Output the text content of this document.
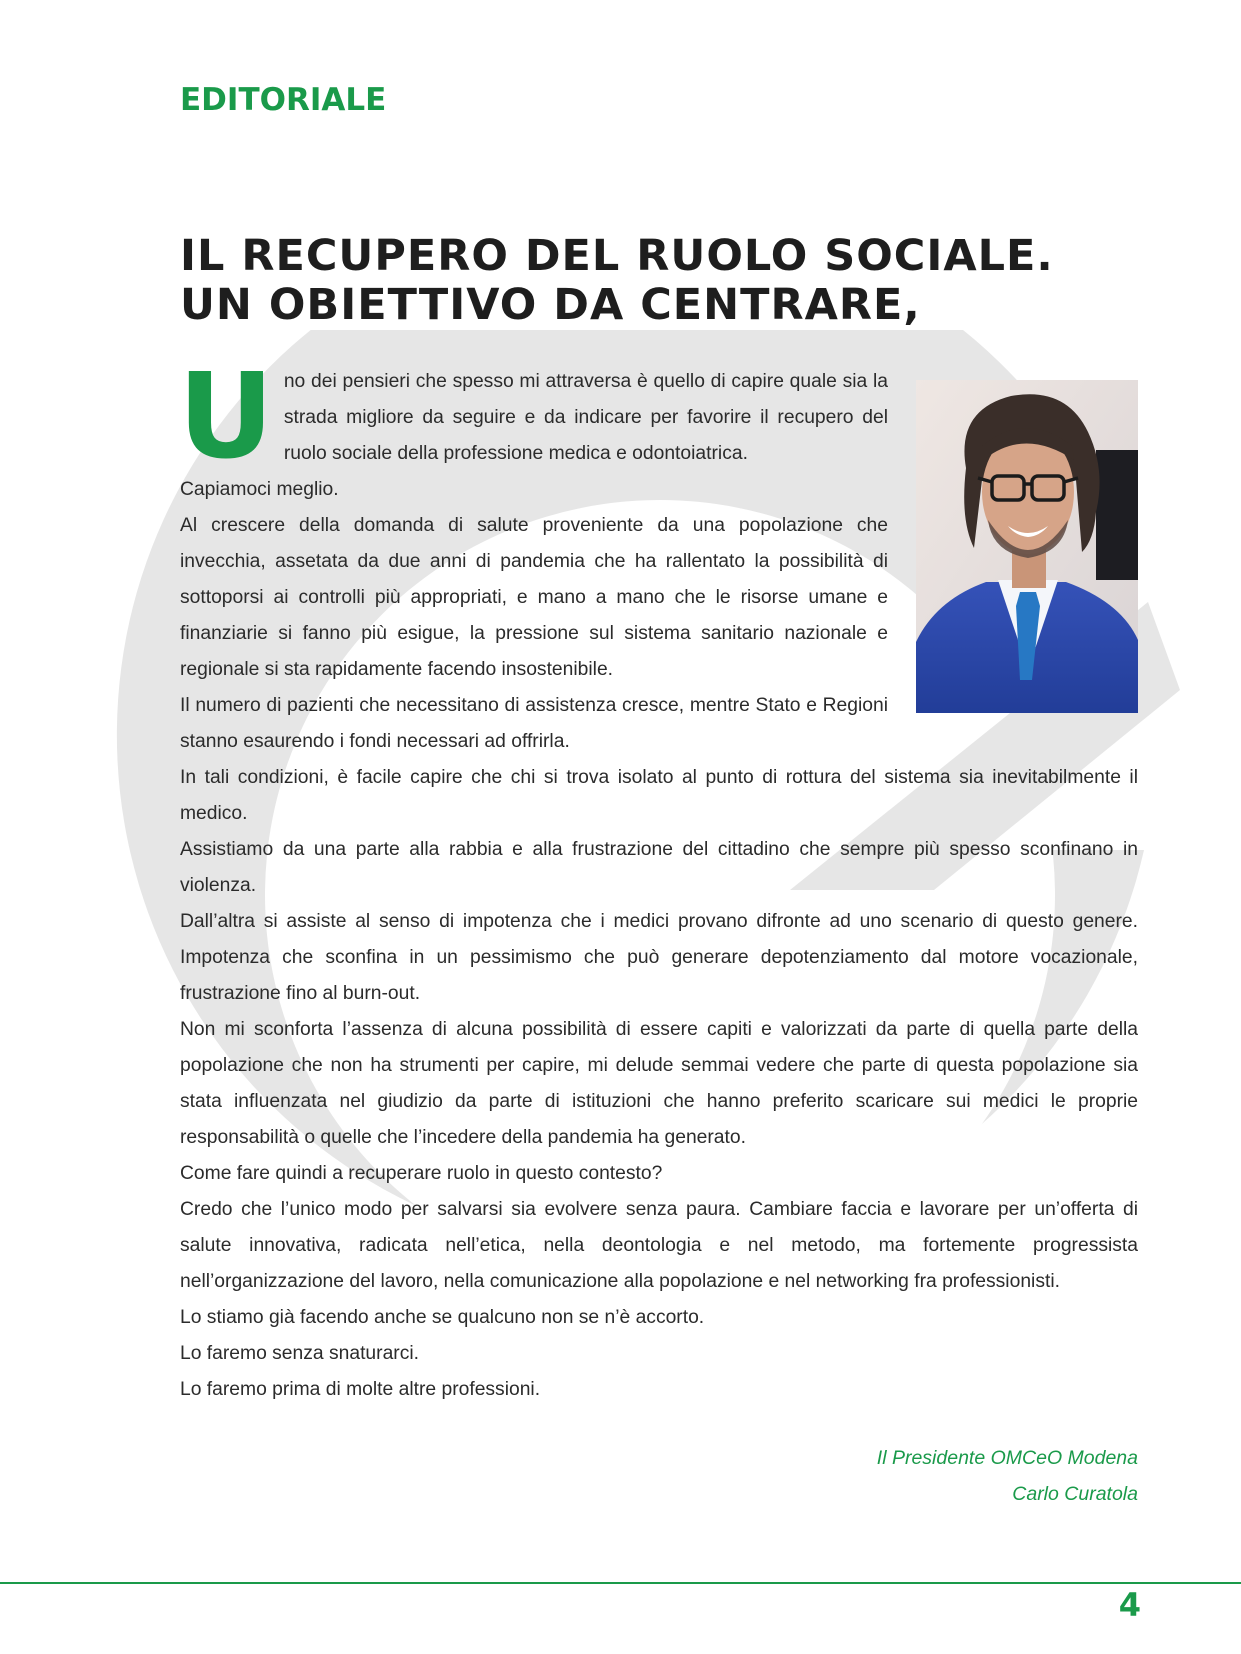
EDITORIALE
IL RECUPERO DEL RUOLO SOCIALE.
UN OBIETTIVO DA CENTRARE,

Uno dei pensieri che spesso mi attraversa è quello di capire quale sia la strada migliore da seguire e da indicare per favorire il recupero del ruolo sociale della professione medica e odontoiatrica.

Capiamoci meglio.

Al crescere della domanda di salute proveniente da una popolazione che invecchia, assetata da due anni di pandemia che ha rallentato la possibilità di sottoporsi ai controlli più appropriati, e mano a mano che le risorse umane e finanziarie si fanno più esigue, la pressione sul sistema sanitario nazionale e regionale si sta rapidamente facendo insostenibile.

Il numero di pazienti che necessitano di assistenza cresce, mentre Stato e Regioni stanno esaurendo i fondi necessari ad offrirla.

In tali condizioni, è facile capire che chi si trova isolato al punto di rottura del sistema sia inevitabilmente il medico.

Assistiamo da una parte alla rabbia e alla frustrazione del cittadino che sempre più spesso sconfinano in violenza.

Dall’altra si assiste al senso di impotenza che i medici provano difronte ad uno scenario di questo genere. Impotenza che sconfina in un pessimismo che può generare depotenziamento dal motore vocazionale, frustrazione fino al burn-out.

Non mi sconforta l’assenza di alcuna possibilità di essere capiti e valorizzati da parte di quella parte della popolazione che non ha strumenti per capire, mi delude semmai vedere che parte di questa popolazione sia stata influenzata nel giudizio da parte di istituzioni che hanno preferito scaricare sui medici le proprie responsabilità o quelle che l’incedere della pandemia ha generato.

Come fare quindi a recuperare ruolo in questo contesto?

Credo che l’unico modo per salvarsi sia evolvere senza paura. Cambiare faccia e lavorare per un’offerta di salute innovativa, radicata nell’etica, nella deontologia e nel metodo, ma fortemente progressista nell’organizzazione del lavoro, nella comunicazione alla popolazione e nel networking fra professionisti.

Lo stiamo già facendo anche se qualcuno non se n’è accorto.

Lo faremo senza snaturarci.

Lo faremo prima di molte altre professioni.

Il Presidente OMCeO Modena
Carlo Curatola
4
